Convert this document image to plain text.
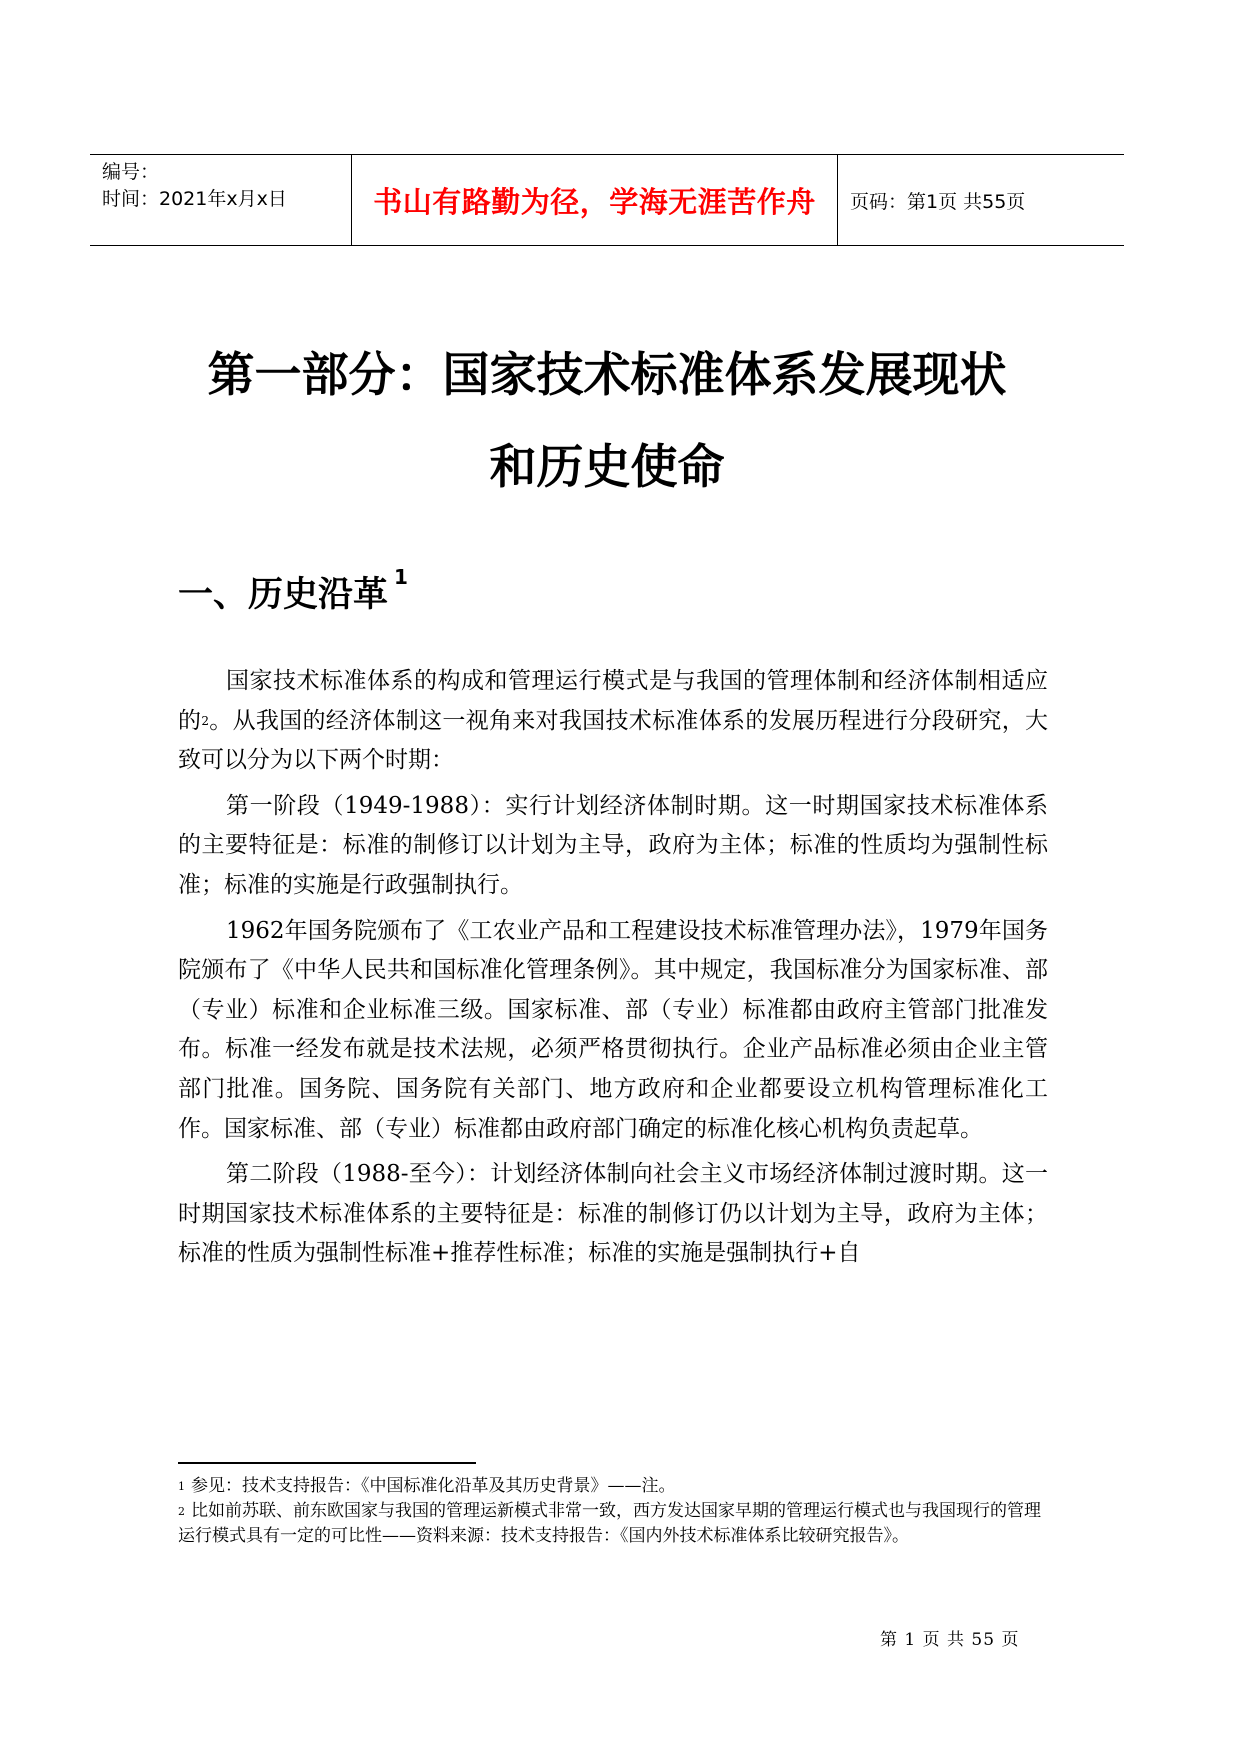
编号：
时间：2021年x月x日	书山有路勤为径，学海无涯苦作舟 页码：第1页 共55页
第一部分：国家技术标准体系发展现状
和历史使命
一、历史沿革 $^1$

国家技术标准体系的构成和管理运行模式是与我国的管理体制和经济体制相适应的$^2$。从我国的经济体制这一视角来对我国技术标准体系的发展历程进行分段研究，大致可以分为以下两个时期：

第一阶段（1949-1988）：实行计划经济体制时期。这一时期国家技术标准体系的主要特征是：标准的制修订以计划为主导，政府为主体；标准的性质均为强制性标准；标准的实施是行政强制执行。

1962年国务院颁布了《工农业产品和工程建设技术标准管理办法》，1979年国务院颁布了《中华人民共和国标准化管理条例》。其中规定，我国标准分为国家标准、部（专业）标准和企业标准三级。国家标准、部（专业）标准都由政府主管部门批准发布。标准一经发布就是技术法规，必须严格贯彻执行。企业产品标准必须由企业主管部门批准。国务院、国务院有关部门、地方政府和企业都要设立机构管理标准化工作。国家标准、部（专业）标准都由政府部门确定的标准化核心机构负责起草。

第二阶段（1988-至今）：计划经济体制向社会主义市场经济体制过渡时期。这一时期国家技术标准体系的主要特征是：标准的制修订仍以计划为主导，政府为主体；标准的性质为强制性标准+推荐性标准；标准的实施是强制执行+自

$^1$ 参见：技术支持报告：《中国标准化沿革及其历史背景》——注。

$^2$ 比如前苏联、前东欧国家与我国的管理运新模式非常一致，西方发达国家早期的管理运行模式也与我国现行的管理运行模式具有一定的可比性——资料来源：技术支持报告：《国内外技术标准体系比较研究报告》。

第 1 页 共 55 页
